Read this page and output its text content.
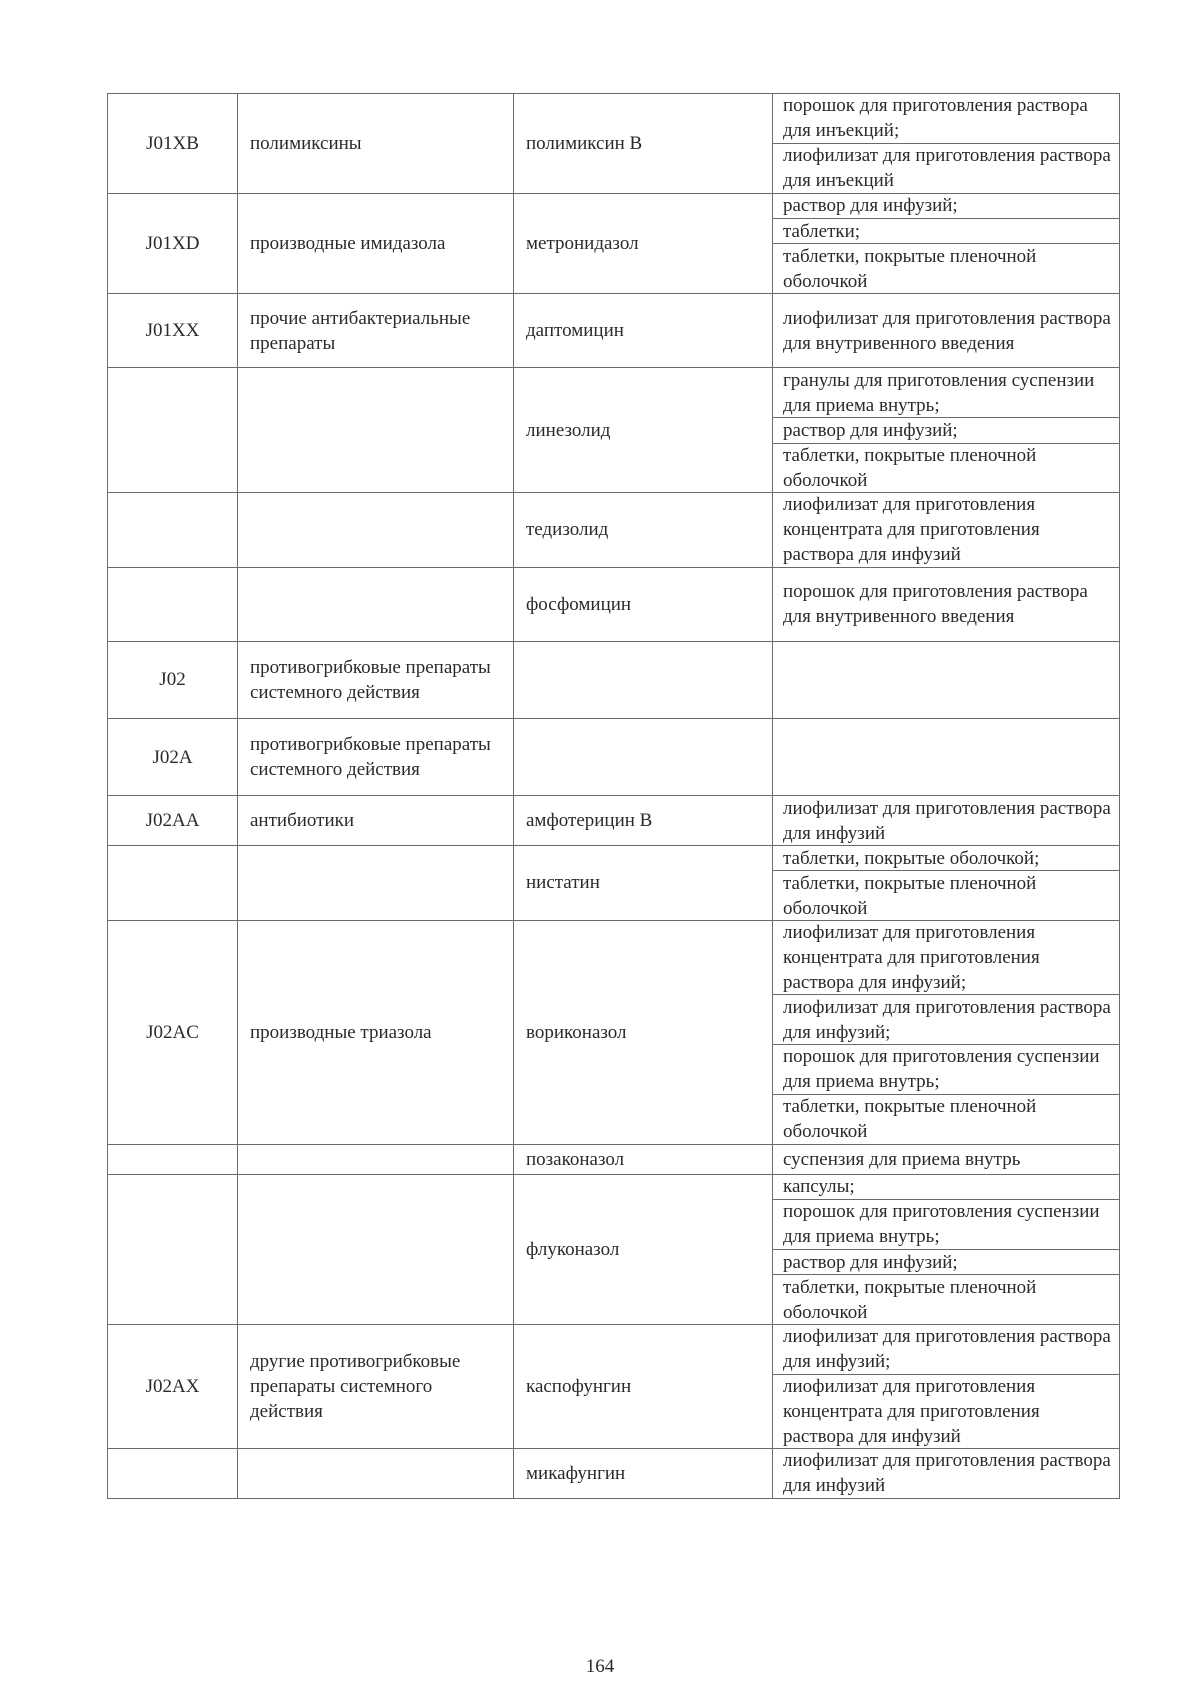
J01XB	полимиксины	полимиксин В	порошок для приготовления раствора для инъекций;
лиофилизат для приготовления раствора для инъекций

J01XD	производные имидазола	метронидазол	раствор для инфузий;
таблетки;
таблетки, покрытые пленочной оболочкой

J01XX	прочие антибактериальные препараты	даптомицин	лиофилизат для приготовления раствора для внутривенного введения

		линезолид	гранулы для приготовления суспензии для приема внутрь;
раствор для инфузий;
таблетки, покрытые пленочной оболочкой

		тедизолид	лиофилизат для приготовления концентрата для приготовления раствора для инфузий

		фосфомицин	порошок для приготовления раствора для внутривенного введения

J02	противогрибковые препараты системного действия		

J02A	противогрибковые препараты системного действия		

J02AA	антибиотики	амфотерицин В	лиофилизат для приготовления раствора для инфузий

		нистатин	таблетки, покрытые оболочкой;
таблетки, покрытые пленочной оболочкой

J02AC	производные триазола	вориконазол	лиофилизат для приготовления концентрата для приготовления раствора для инфузий;
лиофилизат для приготовления раствора для инфузий;
порошок для приготовления суспензии для приема внутрь;
таблетки, покрытые пленочной оболочкой

		позаконазол	суспензия для приема внутрь

		флуконазол	капсулы;
порошок для приготовления суспензии для приема внутрь;
раствор для инфузий;
таблетки, покрытые пленочной оболочкой

J02AX	другие противогрибковые препараты системного действия	каспофунгин	лиофилизат для приготовления раствора для инфузий;
лиофилизат для приготовления концентрата для приготовления раствора для инфузий

		микафунгин	лиофилизат для приготовления раствора для инфузий
164
